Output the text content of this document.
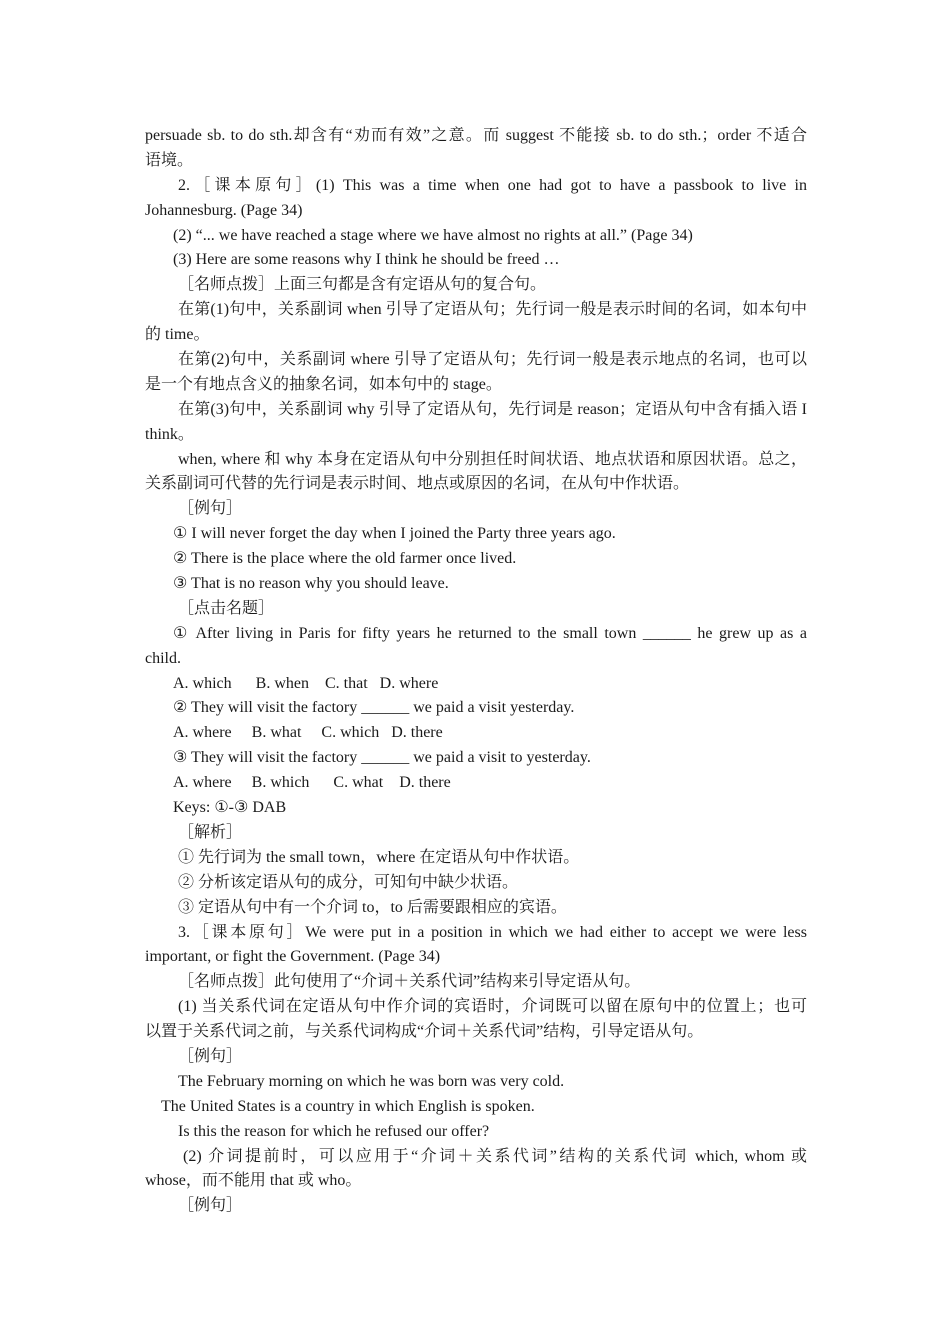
persuade sb. to do sth.却含有“劝而有效”之意。而 suggest 不能接 sb. to do sth.；order 不适合
语境。
2.［课本原句］(1) This was a time when one had got to have a passbook to live in
Johannesburg. (Page 34)
(2) “... we have reached a stage where we have almost no rights at all.” (Page 34)
(3) Here are some reasons why I think he should be freed …
［名师点拨］上面三句都是含有定语从句的复合句。
在第(1)句中，关系副词 when 引导了定语从句；先行词一般是表示时间的名词，如本句中
的 time。
在第(2)句中，关系副词 where 引导了定语从句；先行词一般是表示地点的名词，也可以
是一个有地点含义的抽象名词，如本句中的 stage。
在第(3)句中，关系副词 why 引导了定语从句，先行词是 reason；定语从句中含有插入语 I
think。
when, where 和 why 本身在定语从句中分别担任时间状语、地点状语和原因状语。总之，
关系副词可代替的先行词是表示时间、地点或原因的名词，在从句中作状语。
［例句］
① I will never forget the day when I joined the Party three years ago.
② There is the place where the old farmer once lived.
③ That is no reason why you should leave.
［点击名题］
① After living in Paris for fifty years he returned to the small town ______ he grew up as a
child.
A. which      B. when    C. that   D. where
② They will visit the factory ______ we paid a visit yesterday.
A. where     B. what     C. which   D. there
③ They will visit the factory ______ we paid a visit to yesterday.
A. where     B. which      C. what    D. there
Keys: ①-③ DAB
［解析］
① 先行词为 the small town，where 在定语从句中作状语。
② 分析该定语从句的成分，可知句中缺少状语。
③ 定语从句中有一个介词 to，to 后需要跟相应的宾语。
3.［课本原句］We were put in a position in which we had either to accept we were less
important, or fight the Government. (Page 34)
［名师点拨］此句使用了“介词＋关系代词”结构来引导定语从句。
(1) 当关系代词在定语从句中作介词的宾语时，介词既可以留在原句中的位置上；也可
以置于关系代词之前，与关系代词构成“介词＋关系代词”结构，引导定语从句。
［例句］
The February morning on which he was born was very cold.
The United States is a country in which English is spoken.
Is this the reason for which he refused our offer?
(2) 介词提前时，可以应用于“介词＋关系代词”结构的关系代词 which, whom 或
whose，而不能用 that 或 who。
［例句］
